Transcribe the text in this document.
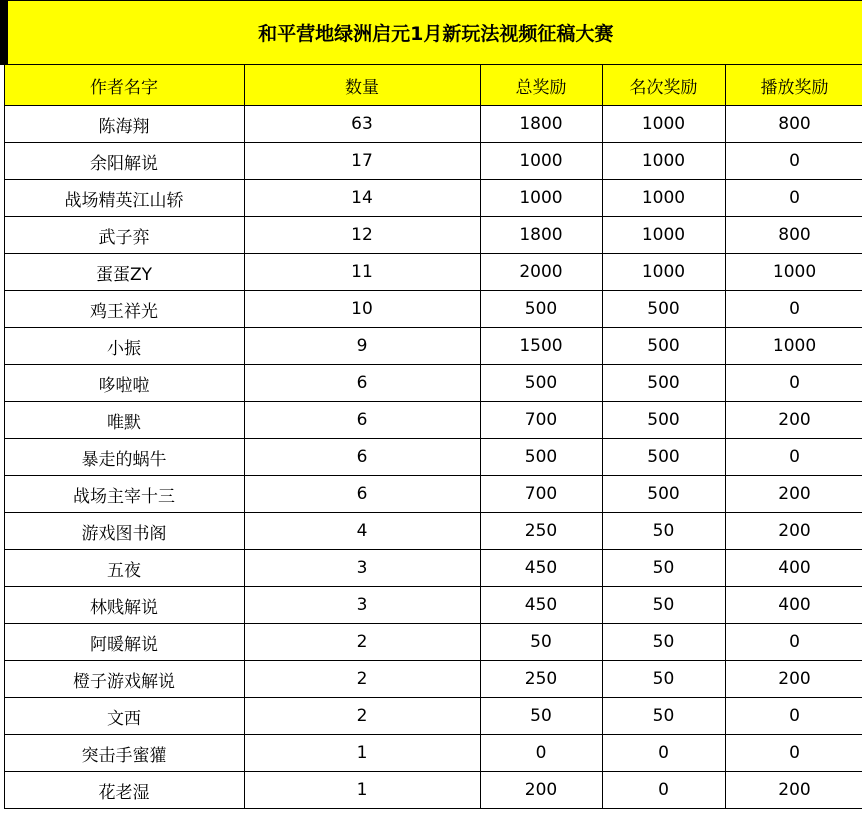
和平营地绿洲启元1月新玩法视频征稿大赛				
作者名字	数量	总奖励	名次奖励	播放奖励
陈海翔	63	1800	1000	800
余阳解说	17	1000	1000	0
战场精英江山轿	14	1000	1000	0
武子弈	12	1800	1000	800
蛋蛋ZY	11	2000	1000	1000
鸡王祥光	10	500	500	0
小振	9	1500	500	1000
哆啦啦	6	500	500	0
唯默	6	700	500	200
暴走的蜗牛	6	500	500	0
战场主宰十三	6	700	500	200
游戏图书阁	4	250	50	200
五夜	3	450	50	400
林贱解说	3	450	50	400
阿暖解说	2	50	50	0
橙子游戏解说	2	250	50	200
文西	2	50	50	0
突击手蜜獾	1	0	0	0
花老湿	1	200	0	200
